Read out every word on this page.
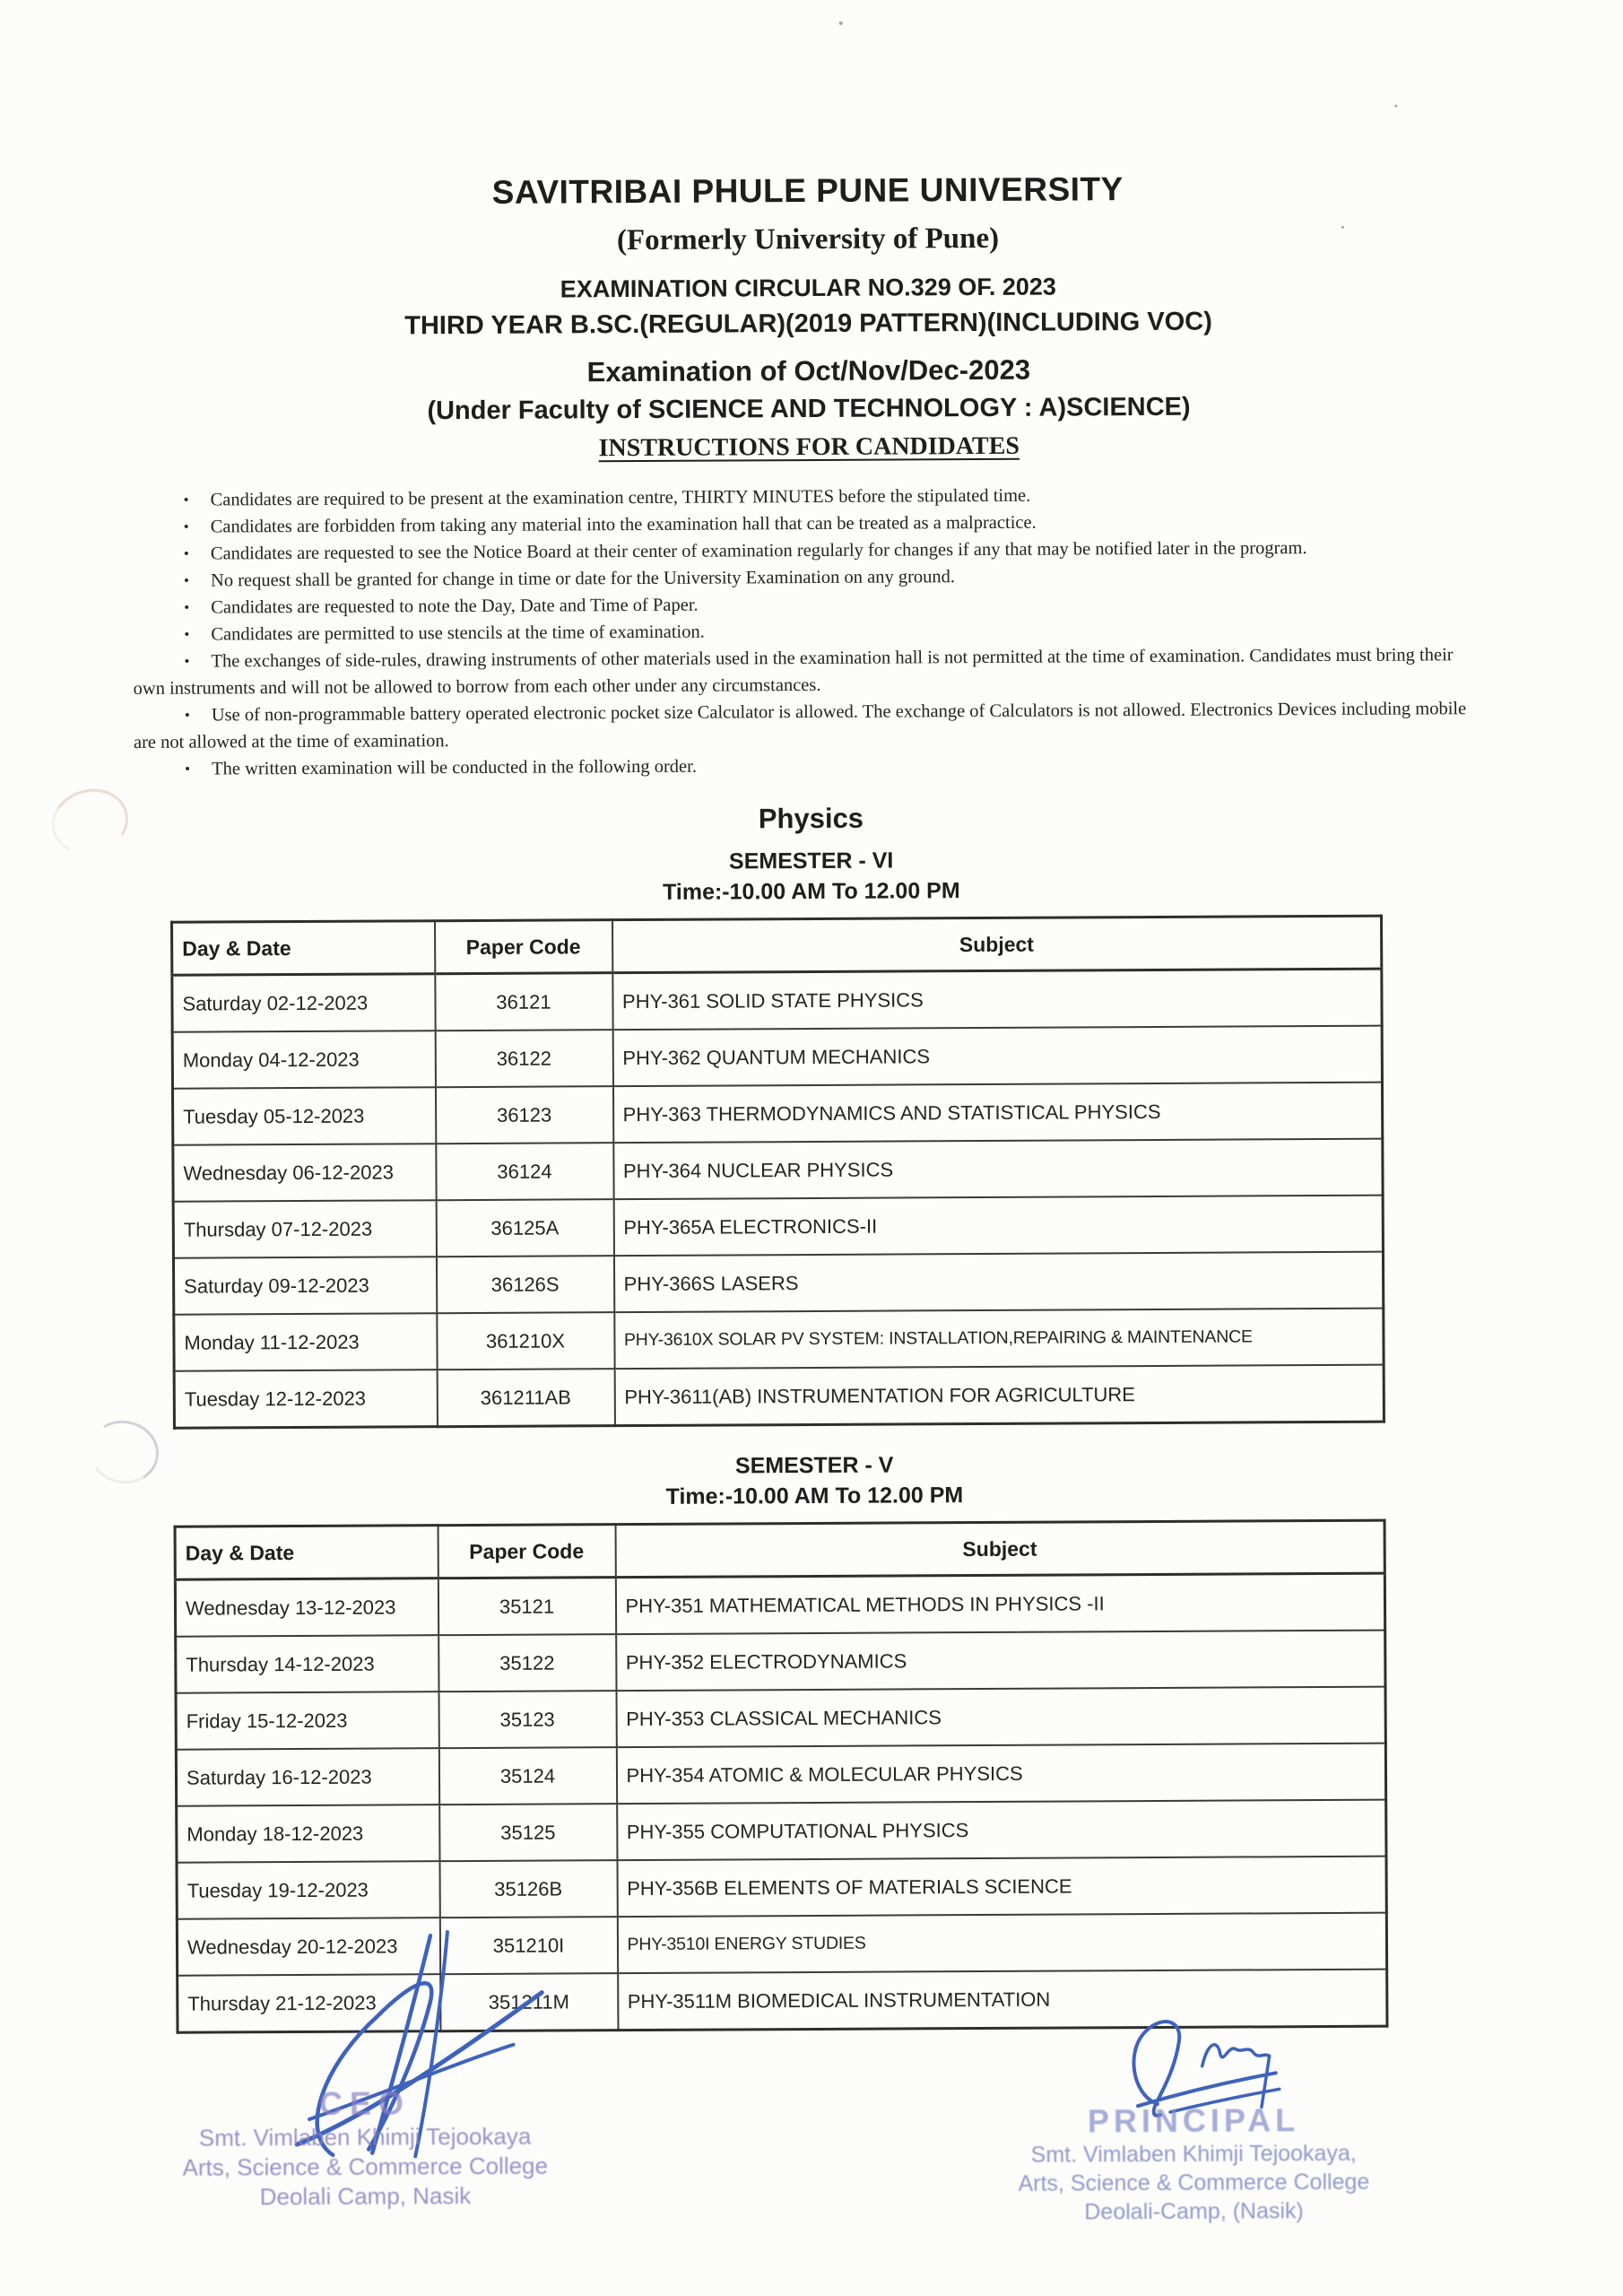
SAVITRIBAI PHULE PUNE UNIVERSITY
(Formerly University of Pune)
EXAMINATION CIRCULAR NO.329 OF. 2023
THIRD YEAR B.SC.(REGULAR)(2019 PATTERN)(INCLUDING VOC)
Examination of Oct/Nov/Dec-2023
(Under Faculty of SCIENCE AND TECHNOLOGY : A)SCIENCE)
INSTRUCTIONS FOR CANDIDATES

• Candidates are required to be present at the examination centre, THIRTY MINUTES before the stipulated time.

• Candidates are forbidden from taking any material into the examination hall that can be treated as a malpractice.

• Candidates are requested to see the Notice Board at their center of examination regularly for changes if any that may be notified later in the program.

• No request shall be granted for change in time or date for the University Examination on any ground.

• Candidates are requested to note the Day, Date and Time of Paper.

• Candidates are permitted to use stencils at the time of examination.

• The exchanges of side-rules, drawing instruments of other materials used in the examination hall is not permitted at the time of examination. Candidates must bring their own instruments and will not be allowed to borrow from each other under any circumstances.

• Use of non-programmable battery operated electronic pocket size Calculator is allowed. The exchange of Calculators is not allowed. Electronics Devices including mobile are not allowed at the time of examination.

• The written examination will be conducted in the following order.

Physics
SEMESTER - VI
Time:-10.00 AM To 12.00 PM
Day & Date	Paper Code	Subject
Saturday 02-12-2023	36121	PHY-361 SOLID STATE PHYSICS
Monday 04-12-2023	36122	PHY-362 QUANTUM MECHANICS
Tuesday 05-12-2023	36123	PHY-363 THERMODYNAMICS AND STATISTICAL PHYSICS
Wednesday 06-12-2023	36124	PHY-364 NUCLEAR PHYSICS
Thursday 07-12-2023	36125A	PHY-365A ELECTRONICS-II
Saturday 09-12-2023	36126S	PHY-366S LASERS
Monday 11-12-2023	361210X	PHY-3610X SOLAR PV SYSTEM: INSTALLATION,REPAIRING & MAINTENANCE
Tuesday 12-12-2023	361211AB	PHY-3611(AB) INSTRUMENTATION FOR AGRICULTURE
SEMESTER - V
Time:-10.00 AM To 12.00 PM
Day & Date	Paper Code	Subject
Wednesday 13-12-2023	35121	PHY-351 MATHEMATICAL METHODS IN PHYSICS -II
Thursday 14-12-2023	35122	PHY-352 ELECTRODYNAMICS
Friday 15-12-2023	35123	PHY-353 CLASSICAL MECHANICS
Saturday 16-12-2023	35124	PHY-354 ATOMIC & MOLECULAR PHYSICS
Monday 18-12-2023	35125	PHY-355 COMPUTATIONAL PHYSICS
Tuesday 19-12-2023	35126B	PHY-356B ELEMENTS OF MATERIALS SCIENCE
Wednesday 20-12-2023	351210I	PHY-3510I ENERGY STUDIES
Thursday 21-12-2023	351211M	PHY-3511M BIOMEDICAL INSTRUMENTATION
CEO
Smt. Vimlaben Khimji Tejookaya
Arts, Science & Commerce College
Deolali Camp, Nasik
PRINCIPAL
Smt. Vimlaben Khimji Tejookaya,
Arts, Science & Commerce College
Deolali-Camp, (Nasik)
